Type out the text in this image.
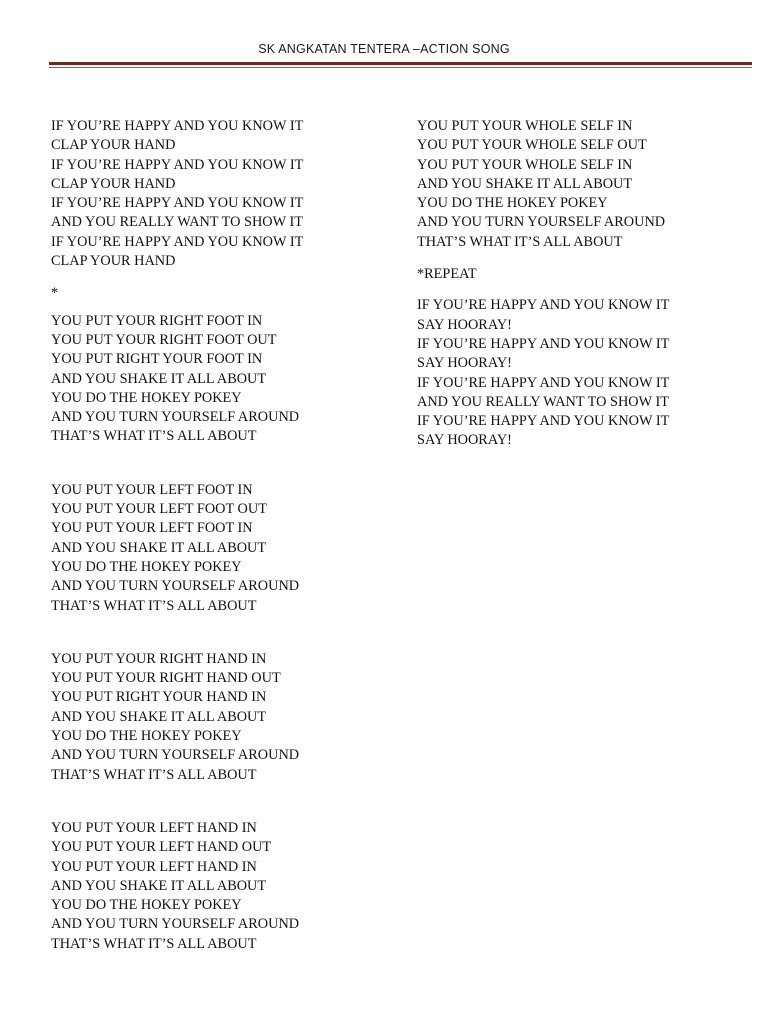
SK ANGKATAN TENTERA –ACTION SONG
IF YOU’RE HAPPY AND YOU KNOW IT
CLAP YOUR HAND
IF YOU’RE HAPPY AND YOU KNOW IT
CLAP YOUR HAND
IF YOU’RE HAPPY AND YOU KNOW IT
AND YOU REALLY WANT TO SHOW IT
IF YOU’RE HAPPY AND YOU KNOW IT
CLAP YOUR HAND
*
YOU PUT YOUR RIGHT FOOT IN
YOU PUT YOUR RIGHT FOOT OUT
YOU PUT RIGHT YOUR FOOT IN
AND YOU SHAKE IT ALL ABOUT
YOU DO THE HOKEY POKEY
AND YOU TURN YOURSELF AROUND
THAT’S WHAT IT’S ALL ABOUT
YOU PUT YOUR LEFT FOOT IN
YOU PUT YOUR LEFT FOOT OUT
YOU PUT YOUR LEFT FOOT IN
AND YOU SHAKE IT ALL ABOUT
YOU DO THE HOKEY POKEY
AND YOU TURN YOURSELF AROUND
THAT’S WHAT IT’S ALL ABOUT
YOU PUT YOUR RIGHT HAND IN
YOU PUT YOUR RIGHT HAND OUT
YOU PUT RIGHT YOUR HAND IN
AND YOU SHAKE IT ALL ABOUT
YOU DO THE HOKEY POKEY
AND YOU TURN YOURSELF AROUND
THAT’S WHAT IT’S ALL ABOUT
YOU PUT YOUR LEFT HAND IN
YOU PUT YOUR LEFT HAND OUT
YOU PUT YOUR LEFT HAND IN
AND YOU SHAKE IT ALL ABOUT
YOU DO THE HOKEY POKEY
AND YOU TURN YOURSELF AROUND
THAT’S WHAT IT’S ALL ABOUT
YOU PUT YOUR WHOLE SELF IN
YOU PUT YOUR WHOLE SELF OUT
YOU PUT YOUR WHOLE SELF IN
AND YOU SHAKE IT ALL ABOUT
YOU DO THE HOKEY POKEY
AND YOU TURN YOURSELF AROUND
THAT’S WHAT IT’S ALL ABOUT
*REPEAT
IF YOU’RE HAPPY AND YOU KNOW IT
SAY HOORAY!
IF YOU’RE HAPPY AND YOU KNOW IT
SAY HOORAY!
IF YOU’RE HAPPY AND YOU KNOW IT
AND YOU REALLY WANT TO SHOW IT
IF YOU’RE HAPPY AND YOU KNOW IT
SAY HOORAY!
